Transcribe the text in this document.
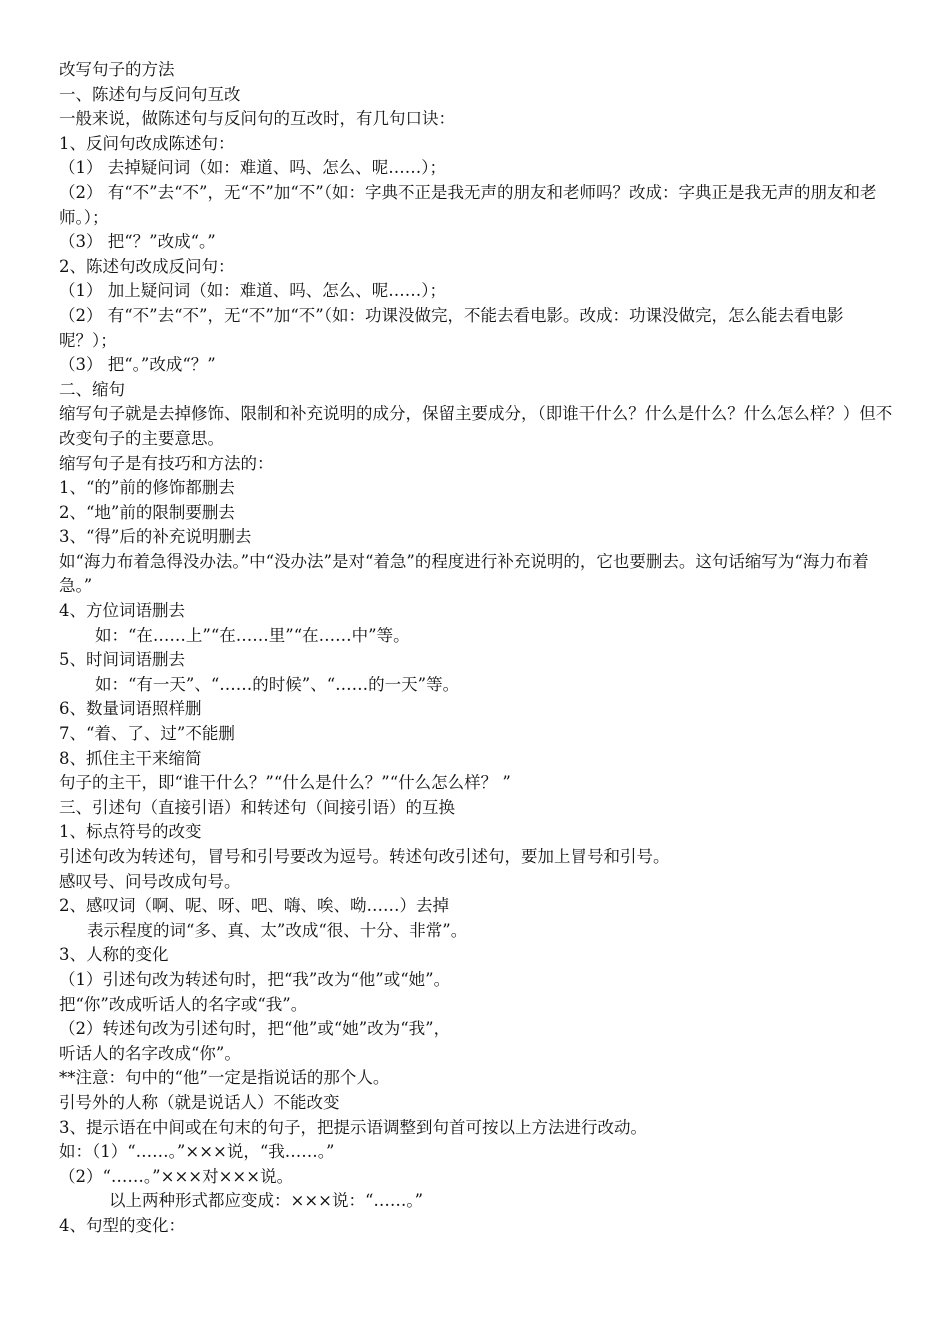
改写句子的方法
一、陈述句与反问句互改
一般来说，做陈述句与反问句的互改时，有几句口诀：
1、反问句改成陈述句：
（1） 去掉疑问词（如：难道、吗、怎么、呢……）；
（2） 有“不”去“不”，无“不”加“不”（如：字典不正是我无声的朋友和老师吗？改成：字典正是我无声的朋友和老师。）；
（3） 把“？”改成“。”
2、陈述句改成反问句：
（1） 加上疑问词（如：难道、吗、怎么、呢……）；
（2） 有“不”去“不”，无“不”加“不”（如：功课没做完，不能去看电影。改成：功课没做完，怎么能去看电影呢？）；
（3） 把“。”改成“？”
二、缩句
缩写句子就是去掉修饰、限制和补充说明的成分，保留主要成分，（即谁干什么？什么是什么？什么怎么样？）但不改变句子的主要意思。
缩写句子是有技巧和方法的：
1、“的”前的修饰都删去
2、“地”前的限制要删去
3、“得”后的补充说明删去
如“海力布着急得没办法。”中“没办法”是对“着急”的程度进行补充说明的，它也要删去。这句话缩写为“海力布着急。”
4、方位词语删去
如：“在……上”“在……里”“在……中”等。
5、时间词语删去
如：“有一天”、“……的时候”、“……的一天”等。
6、数量词语照样删
7、“着、了、过”不能删
8、抓住主干来缩简
句子的主干，即“谁干什么？”“什么是什么？”“什么怎么样？ ”
三、引述句（直接引语）和转述句（间接引语）的互换
1、标点符号的改变
引述句改为转述句，冒号和引号要改为逗号。转述句改引述句，要加上冒号和引号。
感叹号、问号改成句号。
2、感叹词（啊、呢、呀、吧、嗨、唉、呦……）去掉
表示程度的词“多、真、太”改成“很、十分、非常”。
3、人称的变化
（1）引述句改为转述句时，把“我”改为“他”或“她”。
把“你”改成听话人的名字或“我”。
（2）转述句改为引述句时，把“他”或“她”改为“我”，
听话人的名字改成“你”。
**注意：句中的“他”一定是指说话的那个人。
引号外的人称（就是说话人）不能改变
3、提示语在中间或在句末的句子，把提示语调整到句首可按以上方法进行改动。
如：（1）“……。”×××说，“我……。”
（2）“……。”×××对×××说。
以上两种形式都应变成：×××说：“……。”
4、句型的变化：
